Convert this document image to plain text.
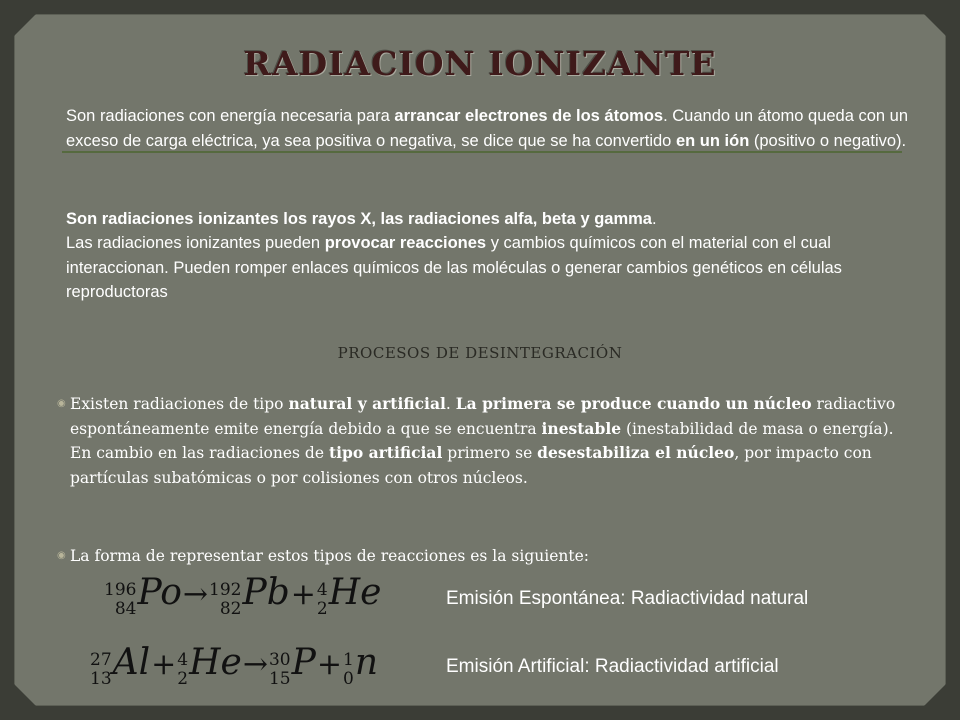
RADIACION IONIZANTE

Son radiaciones con energía necesaria para arrancar electrones de los átomos. Cuando un átomo queda con un exceso de carga eléctrica, ya sea positiva o negativa, se dice que se ha convertido en un ión (positivo o negativo).

Son radiaciones ionizantes los rayos X, las radiaciones alfa, beta y gamma.

Las radiaciones ionizantes pueden provocar reacciones y cambios químicos con el material con el cual interaccionan. Pueden romper enlaces químicos de las moléculas o generar cambios genéticos en células reproductoras

PROCESOS DE DESINTEGRACIÓN
◉ Existen radiaciones de tipo natural y artificial. La primera se produce cuando un núcleo radiactivo espontáneamente emite energía debido a que se encuentra inestable (inestabilidad de masa o energía).
En cambio en las radiaciones de tipo artificial primero se desestabiliza el núcleo, por impacto con partículas subatómicas o por colisiones con otros núcleos.
◉ La forma de representar estos tipos de reacciones es la siguiente:
196
84 Po→ 192
82 Pb+ 4
2 He	Emisión Espontánea: Radiactividad natural
27
13 Al+ 4
2 He→ 30
15 P+ 1
0 n	Emisión Artificial: Radiactividad artificial
